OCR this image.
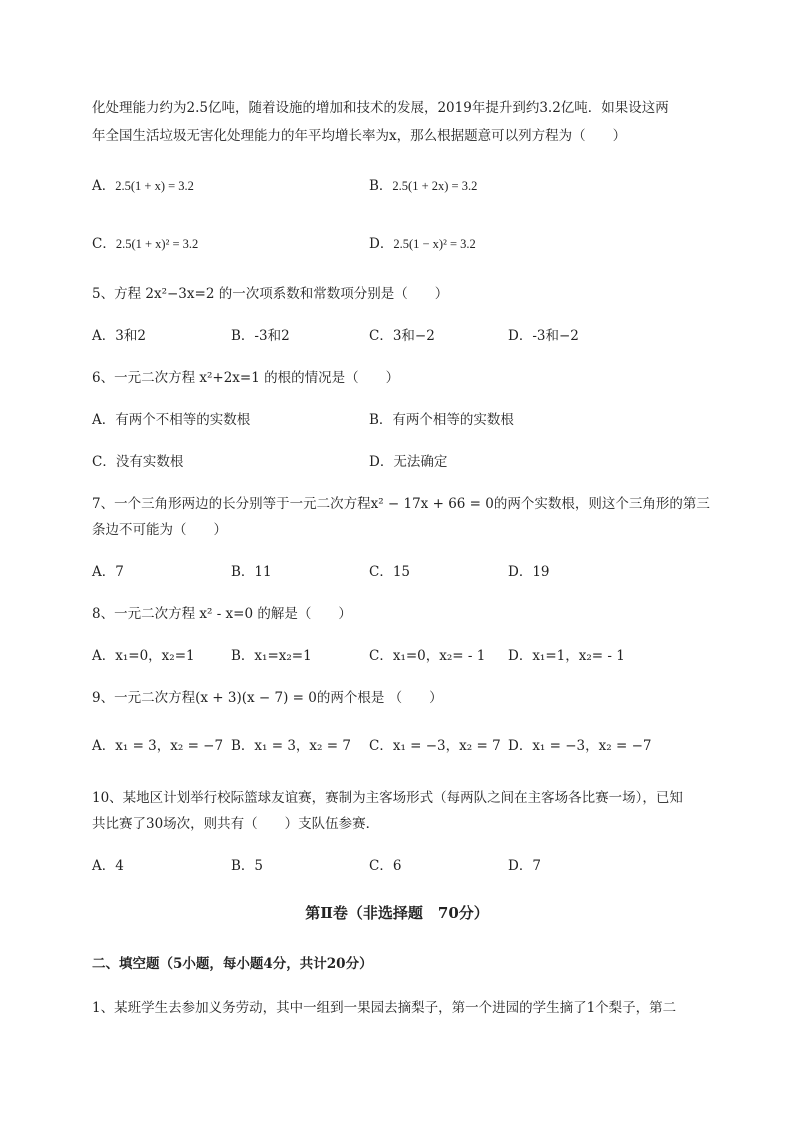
化处理能力约为2.5亿吨，随着设施的增加和技术的发展，2019年提升到约3.2亿吨．如果设这两
年全国生活垃圾无害化处理能力的年平均增长率为x，那么根据题意可以列方程为（　　）
A．2.5(1 + x) = 3.2	B．2.5(1 + 2x) = 3.2
C．2.5(1 + x)² = 3.2	D．2.5(1 − x)² = 3.2
5、方程 2x²−3x=2 的一次项系数和常数项分别是（　　）
A．3和2	B．-3和2	C．3和−2	D．-3和−2
6、一元二次方程 x²+2x=1 的根的情况是（　　）
A．有两个不相等的实数根	B．有两个相等的实数根
C．没有实数根	D．无法确定
7、一个三角形两边的长分别等于一元二次方程x² − 17x + 66 = 0的两个实数根，则这个三角形的第三
条边不可能为（　　）
A．7	B．11	C．15	D．19
8、一元二次方程 x² - x=0 的解是（　　）
A．x₁=0，x₂=1	B．x₁=x₂=1	C．x₁=0，x₂= - 1 D．x₁=1，x₂= - 1
9、一元二次方程(x + 3)(x − 7) = 0的两个根是 （　　）
A．x₁ = 3，x₂ = −7 B．x₁ = 3，x₂ = 7 C．x₁ = −3，x₂ = 7 D．x₁ = −3，x₂ = −7
10、某地区计划举行校际篮球友谊赛，赛制为主客场形式（每两队之间在主客场各比赛一场），已知
共比赛了30场次，则共有（　　）支队伍参赛．
A．4	B．5	C．6	D．7
第Ⅱ卷（非选择题　70分）
二、填空题（5小题，每小题4分，共计20分）
1、某班学生去参加义务劳动，其中一组到一果园去摘梨子，第一个进园的学生摘了1个梨子，第二
